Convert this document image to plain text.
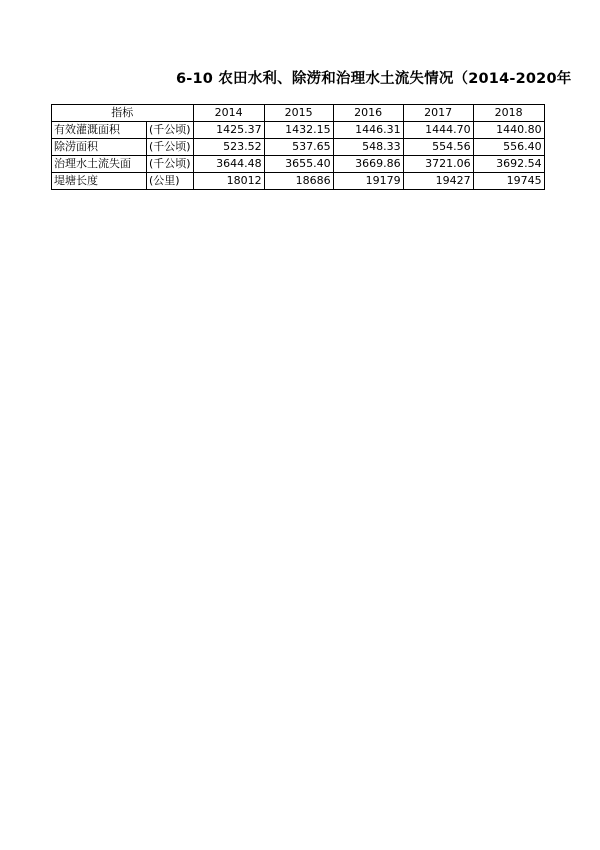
6-10 农田水利、除涝和治理水土流失情况（2014-2020年
指标		2014	2015	2016	2017	2018
有效灌溉面积	(千公顷)	1425.37	1432.15	1446.31	1444.70	1440.80
除涝面积	(千公顷)	523.52	537.65	548.33	554.56	556.40
治理水土流失面	(千公顷)	3644.48	3655.40	3669.86	3721.06	3692.54
堤塘长度	(公里)	18012	18686	19179	19427	19745
